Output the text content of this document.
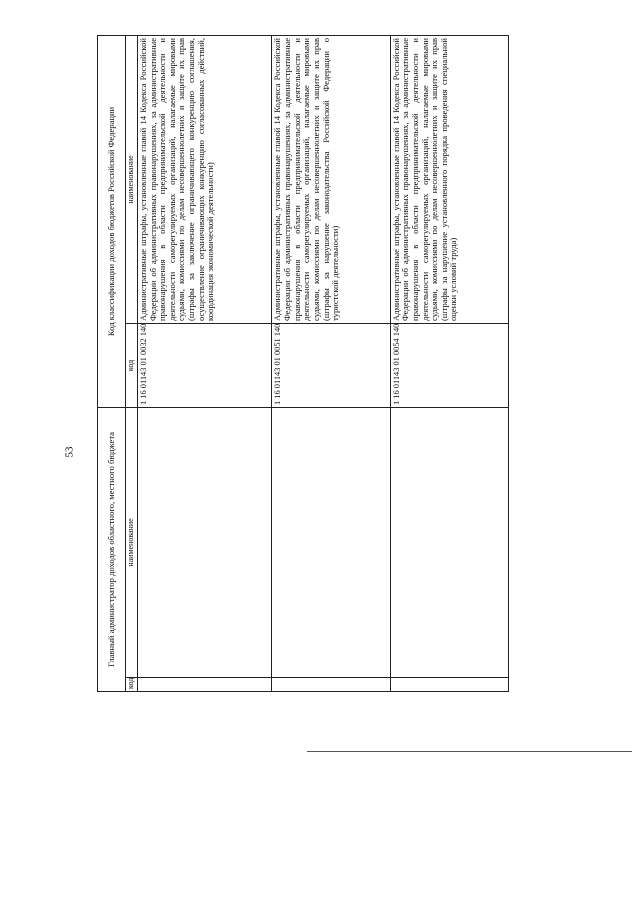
53	Главный администратор доходов областного, местного бюджета		Код классификации доходов бюджетов Российской Федерации	
код	наименование	код	наименование
		1 16 01143 01 0032 140	Административные штрафы, установленные главой 14 Кодекса Российской Федерации об административных правонарушениях, за административные правонарушения в области предпринимательской деятельности и деятельности саморегулируемых организаций, налагаемые мировыми судьями, комиссиями по делам несовершеннолетних и защите их прав (штрафы за заключение ограничивающего конкуренцию соглашения, осуществление ограничивающих конкуренцию согласованных действий, координация экономической деятельности)
		1 16 01143 01 0051 140	Административные штрафы, установленные главой 14 Кодекса Российской Федерации об административных правонарушениях, за административные правонарушения в области предпринимательской деятельности и деятельности саморегулируемых организаций, налагаемые мировыми судьями, комиссиями по делам несовершеннолетних и защите их прав (штрафы за нарушение законодательства Российской Федерации о туристской деятельности)
		1 16 01143 01 0054 140	Административные штрафы, установленные главой 14 Кодекса Российской Федерации об административных правонарушениях, за административные правонарушения в области предпринимательской деятельности и деятельности саморегулируемых организаций, налагаемые мировыми судьями, комиссиями по делам несовершеннолетних и защите их прав (штрафы за нарушение установленного порядка проведения специальной оценки условий труда)
